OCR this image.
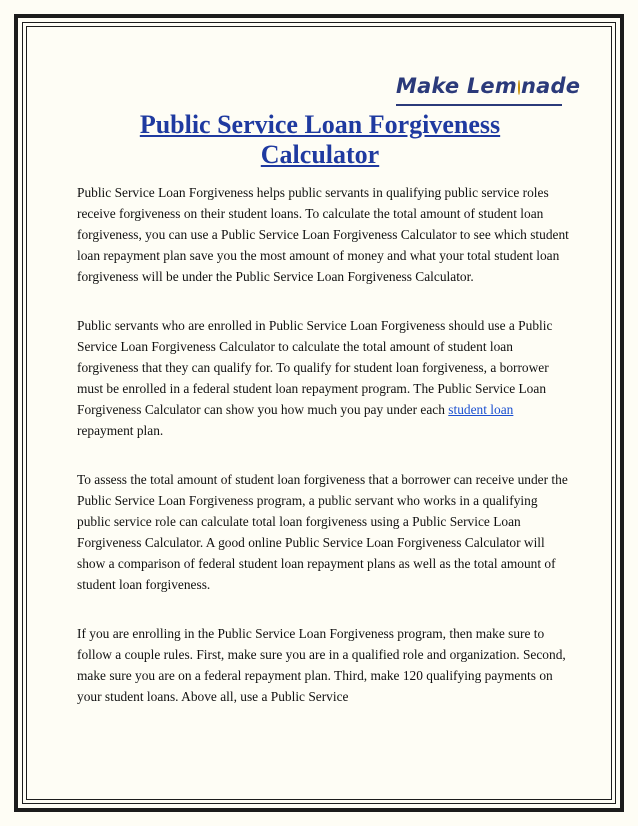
Make Lem nade
Public Service Loan Forgiveness Calculator

Public Service Loan Forgiveness helps public servants in qualifying public service roles receive forgiveness on their student loans. To calculate the total amount of student loan forgiveness, you can use a Public Service Loan Forgiveness Calculator to see which student loan repayment plan save you the most amount of money and what your total student loan forgiveness will be under the Public Service Loan Forgiveness Calculator.

Public servants who are enrolled in Public Service Loan Forgiveness should use a Public Service Loan Forgiveness Calculator to calculate the total amount of student loan forgiveness that they can qualify for. To qualify for student loan forgiveness, a borrower must be enrolled in a federal student loan repayment program. The Public Service Loan Forgiveness Calculator can show you how much you pay under each student loan repayment plan.

To assess the total amount of student loan forgiveness that a borrower can receive under the Public Service Loan Forgiveness program, a public servant who works in a qualifying public service role can calculate total loan forgiveness using a Public Service Loan Forgiveness Calculator. A good online Public Service Loan Forgiveness Calculator will show a comparison of federal student loan repayment plans as well as the total amount of student loan forgiveness.

If you are enrolling in the Public Service Loan Forgiveness program, then make sure to follow a couple rules. First, make sure you are in a qualified role and organization. Second, make sure you are on a federal repayment plan. Third, make 120 qualifying payments on your student loans. Above all, use a Public Service
